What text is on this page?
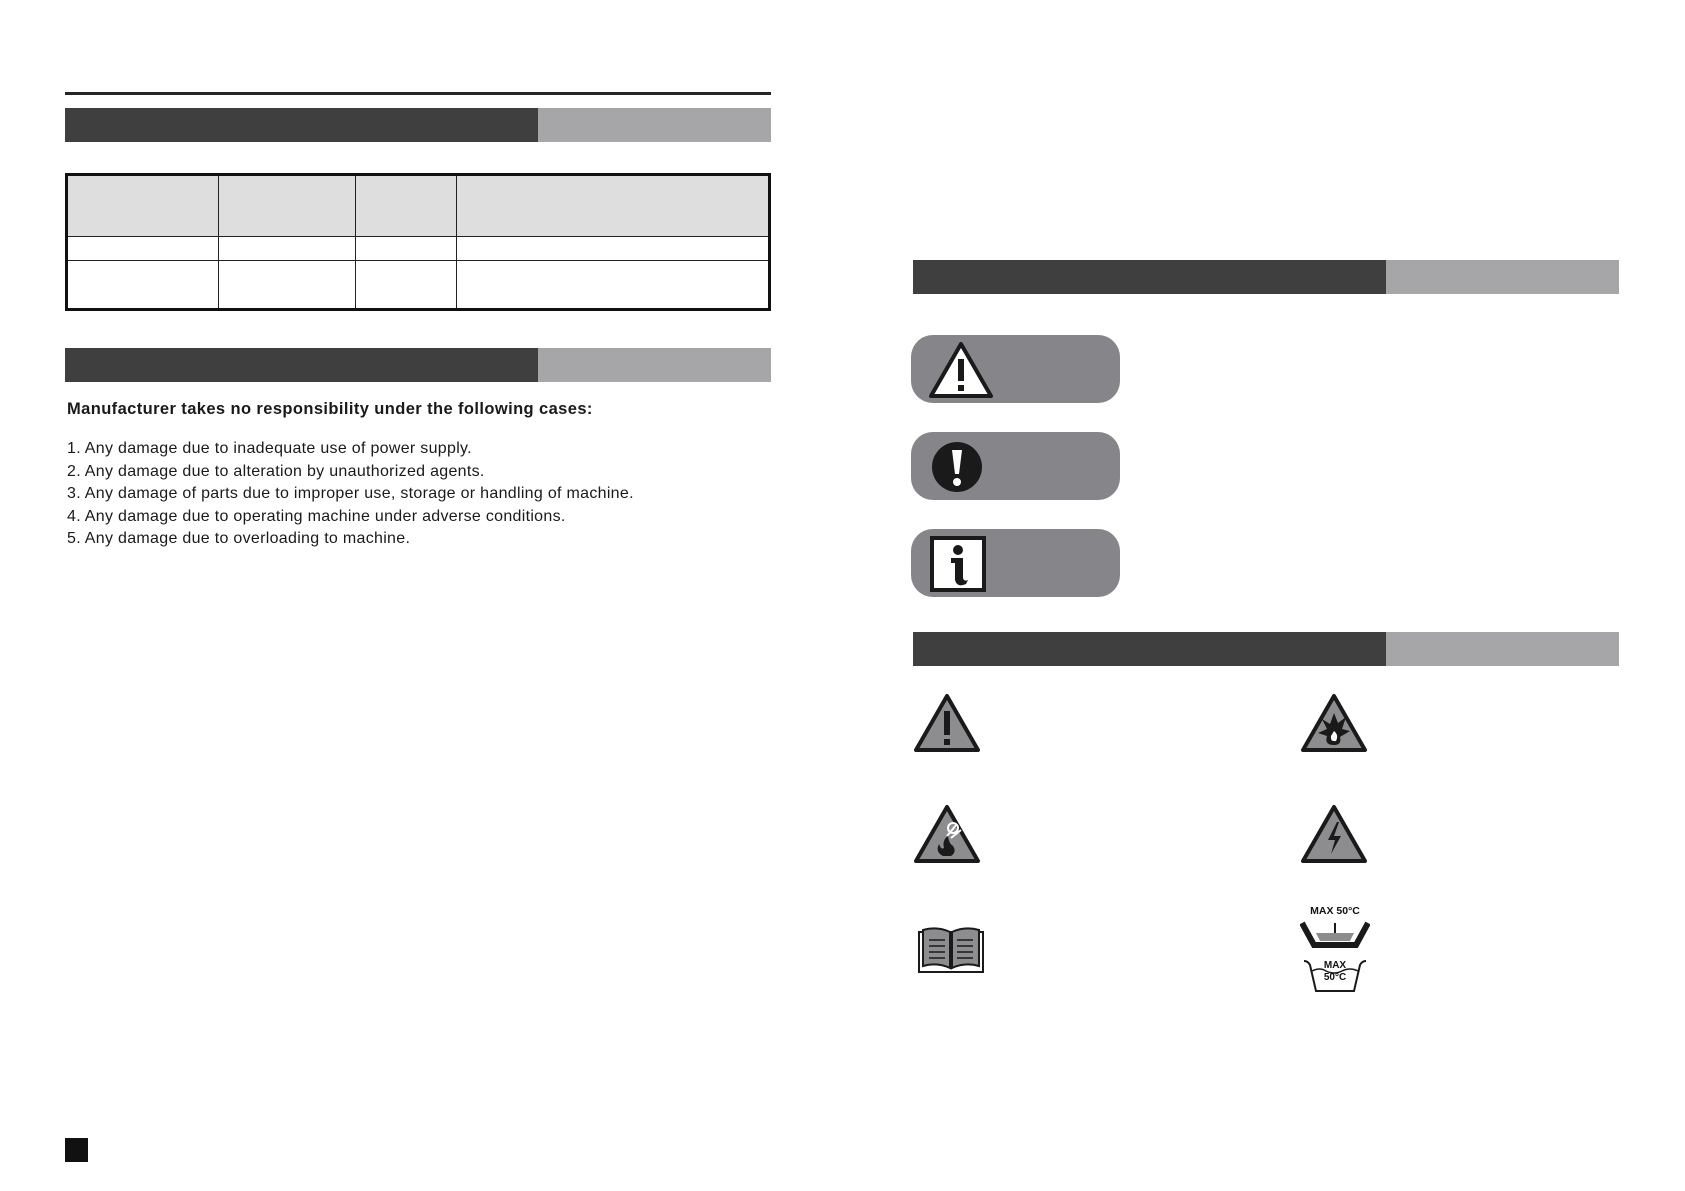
Manufacturer takes no responsibility under the following cases:
1. Any damage due to inadequate use of power supply.
2. Any damage due to alteration by unauthorized agents.
3. Any damage of parts due to improper use, storage or handling of machine.
4. Any damage due to operating machine under adverse conditions.
5. Any damage due to overloading to machine.
MAX 50°C
MAX
50°C
